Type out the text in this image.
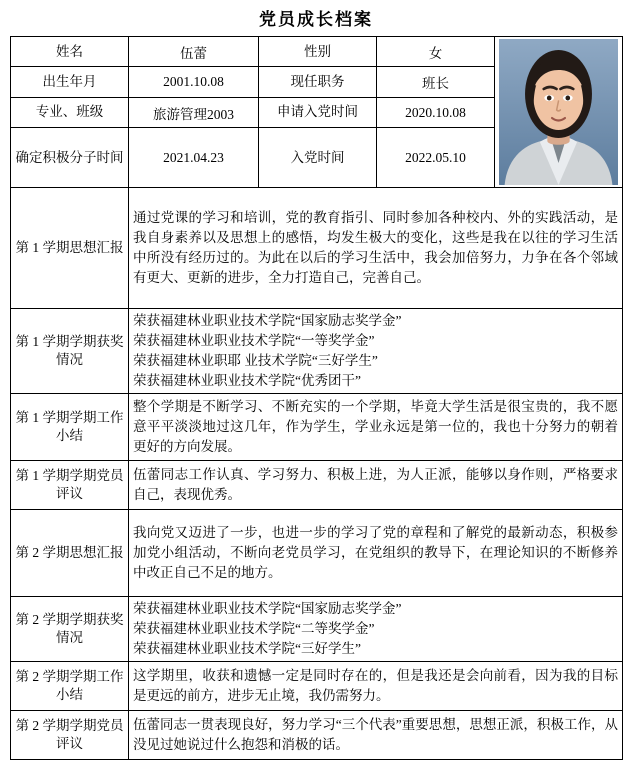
党员成长档案
姓名	伍蕾	性别	女	

出生年月	2001.10.08	现任职务	班长	
专业、班级	旅游管理2003	申请入党时间	2020.10.08	
确定积极分子时间	2021.04.23	入党时间	2022.05.10	
第 1 学期思想汇报	通过党课的学习和培训，党的教育指引、同时参加各种校内、外的实践活动，是我自身素养以及思想上的感悟，均发生极大的变化，这些是我在以往的学习生活中所没有经历过的。为此在以后的学习生活中，我会加倍努力，力争在各个邻域有更大、更新的进步，全力打造自己，完善自己。			
第 1 学期学期获奖情况	荣获福建林业职业技术学院“国家励志奖学金”
荣获福建林业职业技术学院“一等奖学金”
荣获福建林业职耶 业技术学院“三好学生”
荣获福建林业职业技术学院“优秀团干”			

第 1 学期学期工作小结	整个学期是不断学习、不断充实的一个学期，毕竟大学生活是很宝贵的，我不愿意平平淡淡地过这几年，作为学生，学业永远是第一位的，我也十分努力的朝着更好的方向发展。			
第 1 学期学期党员评议	伍蕾同志工作认真、学习努力、积极上进，为人正派，能够以身作则，严格要求自己，表现优秀。			
第 2 学期思想汇报	我向党又迈进了一步，也进一步的学习了党的章程和了解党的最新动态，积极参加党小组活动，不断向老党员学习，在党组织的教导下，在理论知识的不断修养中改正自己不足的地方。			
第 2 学期学期获奖情况	荣获福建林业职业技术学院“国家励志奖学金”
荣获福建林业职业技术学院“二等奖学金”
荣获福建林业职业技术学院“三好学生”			

第 2 学期学期工作小结	这学期里，收获和遗憾一定是同时存在的，但是我还是会向前看，因为我的目标是更远的前方，进步无止境，我仍需努力。			
第 2 学期学期党员评议	伍蕾同志一贯表现良好，努力学习“三个代表”重要思想，思想正派，积极工作，从没见过她说过什么抱怨和消极的话。			
